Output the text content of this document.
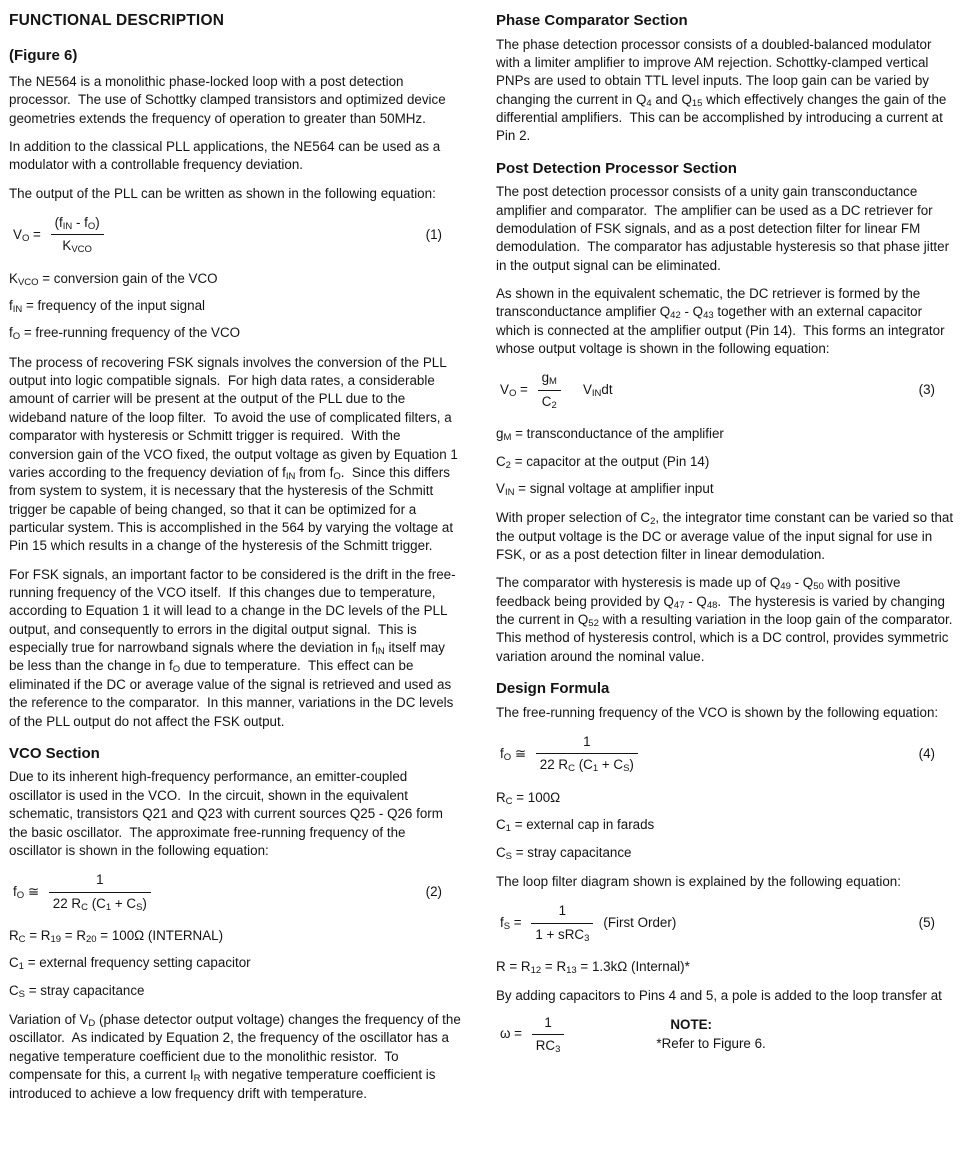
FUNCTIONAL DESCRIPTION
(Figure 6)

The NE564 is a monolithic phase-locked loop with a post detection processor.  The use of Schottky clamped transistors and optimized device geometries extends the frequency of operation to greater than 50MHz.

In addition to the classical PLL applications, the NE564 can be used as a modulator with a controllable frequency deviation.

The output of the PLL can be written as shown in the following equation:

$V_O = \frac{(f_{IN} - f_O)}{K_{VCO}}$	(1)
$K_{VCO}$ = conversion gain of the VCO
$f_{IN}$ = frequency of the input signal
$f_O$ = free-running frequency of the VCO

The process of recovering FSK signals involves the conversion of the PLL output into logic compatible signals.  For high data rates, a considerable amount of carrier will be present at the output of the PLL due to the wideband nature of the loop filter.  To avoid the use of complicated filters, a comparator with hysteresis or Schmitt trigger is required.  With the conversion gain of the VCO fixed, the output voltage as given by Equation 1 varies according to the frequency deviation of $f_{IN}$ from $f_O$.  Since this differs from system to system, it is necessary that the hysteresis of the Schmitt trigger be capable of being changed, so that it can be optimized for a particular system. This is accomplished in the 564 by varying the voltage at Pin 15 which results in a change of the hysteresis of the Schmitt trigger.

For FSK signals, an important factor to be considered is the drift in the free-running frequency of the VCO itself.  If this changes due to temperature, according to Equation 1 it will lead to a change in the DC levels of the PLL output, and consequently to errors in the digital output signal.  This is especially true for narrowband signals where the deviation in $f_{IN}$ itself may be less than the change in $f_O$ due to temperature.  This effect can be eliminated if the DC or average value of the signal is retrieved and used as the reference to the comparator.  In this manner, variations in the DC levels of the PLL output do not affect the FSK output.

VCO Section

Due to its inherent high-frequency performance, an emitter-coupled oscillator is used in the VCO.  In the circuit, shown in the equivalent schematic, transistors Q21 and Q23 with current sources Q25 - Q26 form the basic oscillator.  The approximate free-running frequency of the oscillator is shown in the following equation:

$f_O$ ≅ $\frac{1}{22 R_C (C_1 + C_S)}$	(2)
$R_C = R_{19} = R_{20} = 100\Omega$ (INTERNAL)
$C_1$ = external frequency setting capacitor
$C_S$ = stray capacitance

Variation of $V_D$ (phase detector output voltage) changes the frequency of the oscillator.  As indicated by Equation 2, the frequency of the oscillator has a negative temperature coefficient due to the monolithic resistor.  To compensate for this, a current $I_R$ with negative temperature coefficient is introduced to achieve a low frequency drift with temperature.

Phase Comparator Section

The phase detection processor consists of a doubled-balanced modulator with a limiter amplifier to improve AM rejection. Schottky-clamped vertical PNPs are used to obtain TTL level inputs. The loop gain can be varied by changing the current in $Q_4$ and $Q_{15}$ which effectively changes the gain of the differential amplifiers.  This can be accomplished by introducing a current at Pin 2.

Post Detection Processor Section

The post detection processor consists of a unity gain transconductance amplifier and comparator.  The amplifier can be used as a DC retriever for demodulation of FSK signals, and as a post detection filter for linear FM demodulation.  The comparator has adjustable hysteresis so that phase jitter in the output signal can be eliminated.

As shown in the equivalent schematic, the DC retriever is formed by the transconductance amplifier $Q_{42} - Q_{43}$ together with an external capacitor which is connected at the amplifier output (Pin 14).  This forms an integrator whose output voltage is shown in the following equation:

$V_O = \frac{g_M}{C_2} V_{IN}dt$	(3)
$g_M$ = transconductance of the amplifier
$C_2$ = capacitor at the output (Pin 14)
$V_{IN}$ = signal voltage at amplifier input

With proper selection of $C_2$, the integrator time constant can be varied so that the output voltage is the DC or average value of the input signal for use in FSK, or as a post detection filter in linear demodulation.

The comparator with hysteresis is made up of $Q_{49} - Q_{50}$ with positive feedback being provided by $Q_{47} - Q_{48}$.  The hysteresis is varied by changing the current in $Q_{52}$ with a resulting variation in the loop gain of the comparator.  This method of hysteresis control, which is a DC control, provides symmetric variation around the nominal value.

Design Formula

The free-running frequency of the VCO is shown by the following equation:

$f_O$ ≅ $\frac{1}{22 R_C (C_1 + C_S)}$	(4)
$R_C = 100\Omega$
$C_1$ = external cap in farads
$C_S$ = stray capacitance

The loop filter diagram shown is explained by the following equation:

$f_S = \frac{1}{1 + sRC_3}$ (First Order)	(5)
$R = R_{12} = R_{13} = 1.3k\Omega$ (Internal)*

By adding capacitors to Pins 4 and 5, a pole is added to the loop transfer at

$\omega = \frac{1}{RC_3}$	NOTE:
*Refer to Figure 6.
